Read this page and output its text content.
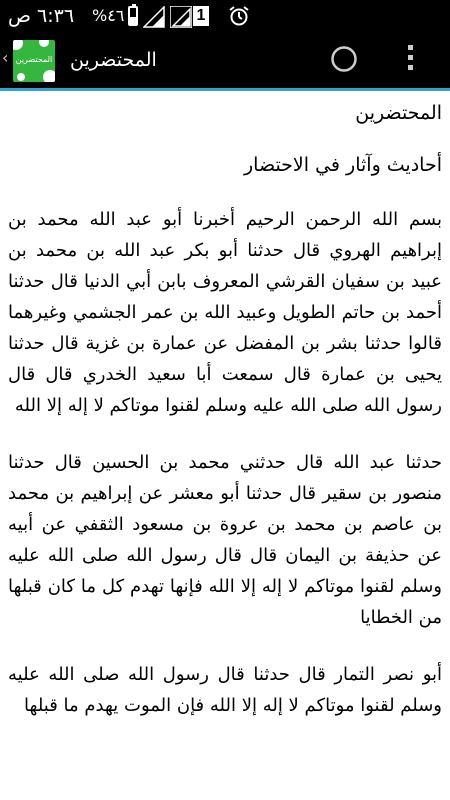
٦:٣٦ ص %٤٦	1
‹ المحتضرين المحتضرين

المحتضرين

أحاديث وآثار في الاحتضار

بسم الله الرحمن الرحيم أخبرنا أبو عبد الله محمد بن إبراهيم الهروي قال حدثنا أبو بكر عبد الله بن محمد بن عبيد بن سفيان القرشي المعروف بابن أبي الدنيا قال حدثنا أحمد بن حاتم الطويل وعبيد الله بن عمر الجشمي وغيرهما قالوا حدثنا بشر بن المفضل عن عمارة بن غزية قال حدثنا يحيى بن عمارة قال سمعت أبا سعيد الخدري قال قال رسول الله صلى الله عليه وسلم لقنوا موتاكم لا إله إلا الله

حدثنا عبد الله قال حدثني محمد بن الحسين قال حدثنا منصور بن سقير قال حدثنا أبو معشر عن إبراهيم بن محمد بن عاصم بن محمد بن عروة بن مسعود الثقفي عن أبيه عن حذيفة بن اليمان قال قال رسول الله صلى الله عليه وسلم لقنوا موتاكم لا إله إلا الله فإنها تهدم كل ما كان قبلها من الخطايا

أبو نصر التمار قال حدثنا قال رسول الله صلى الله عليه وسلم لقنوا موتاكم لا إله إلا الله فإن الموت يهدم ما قبلها
